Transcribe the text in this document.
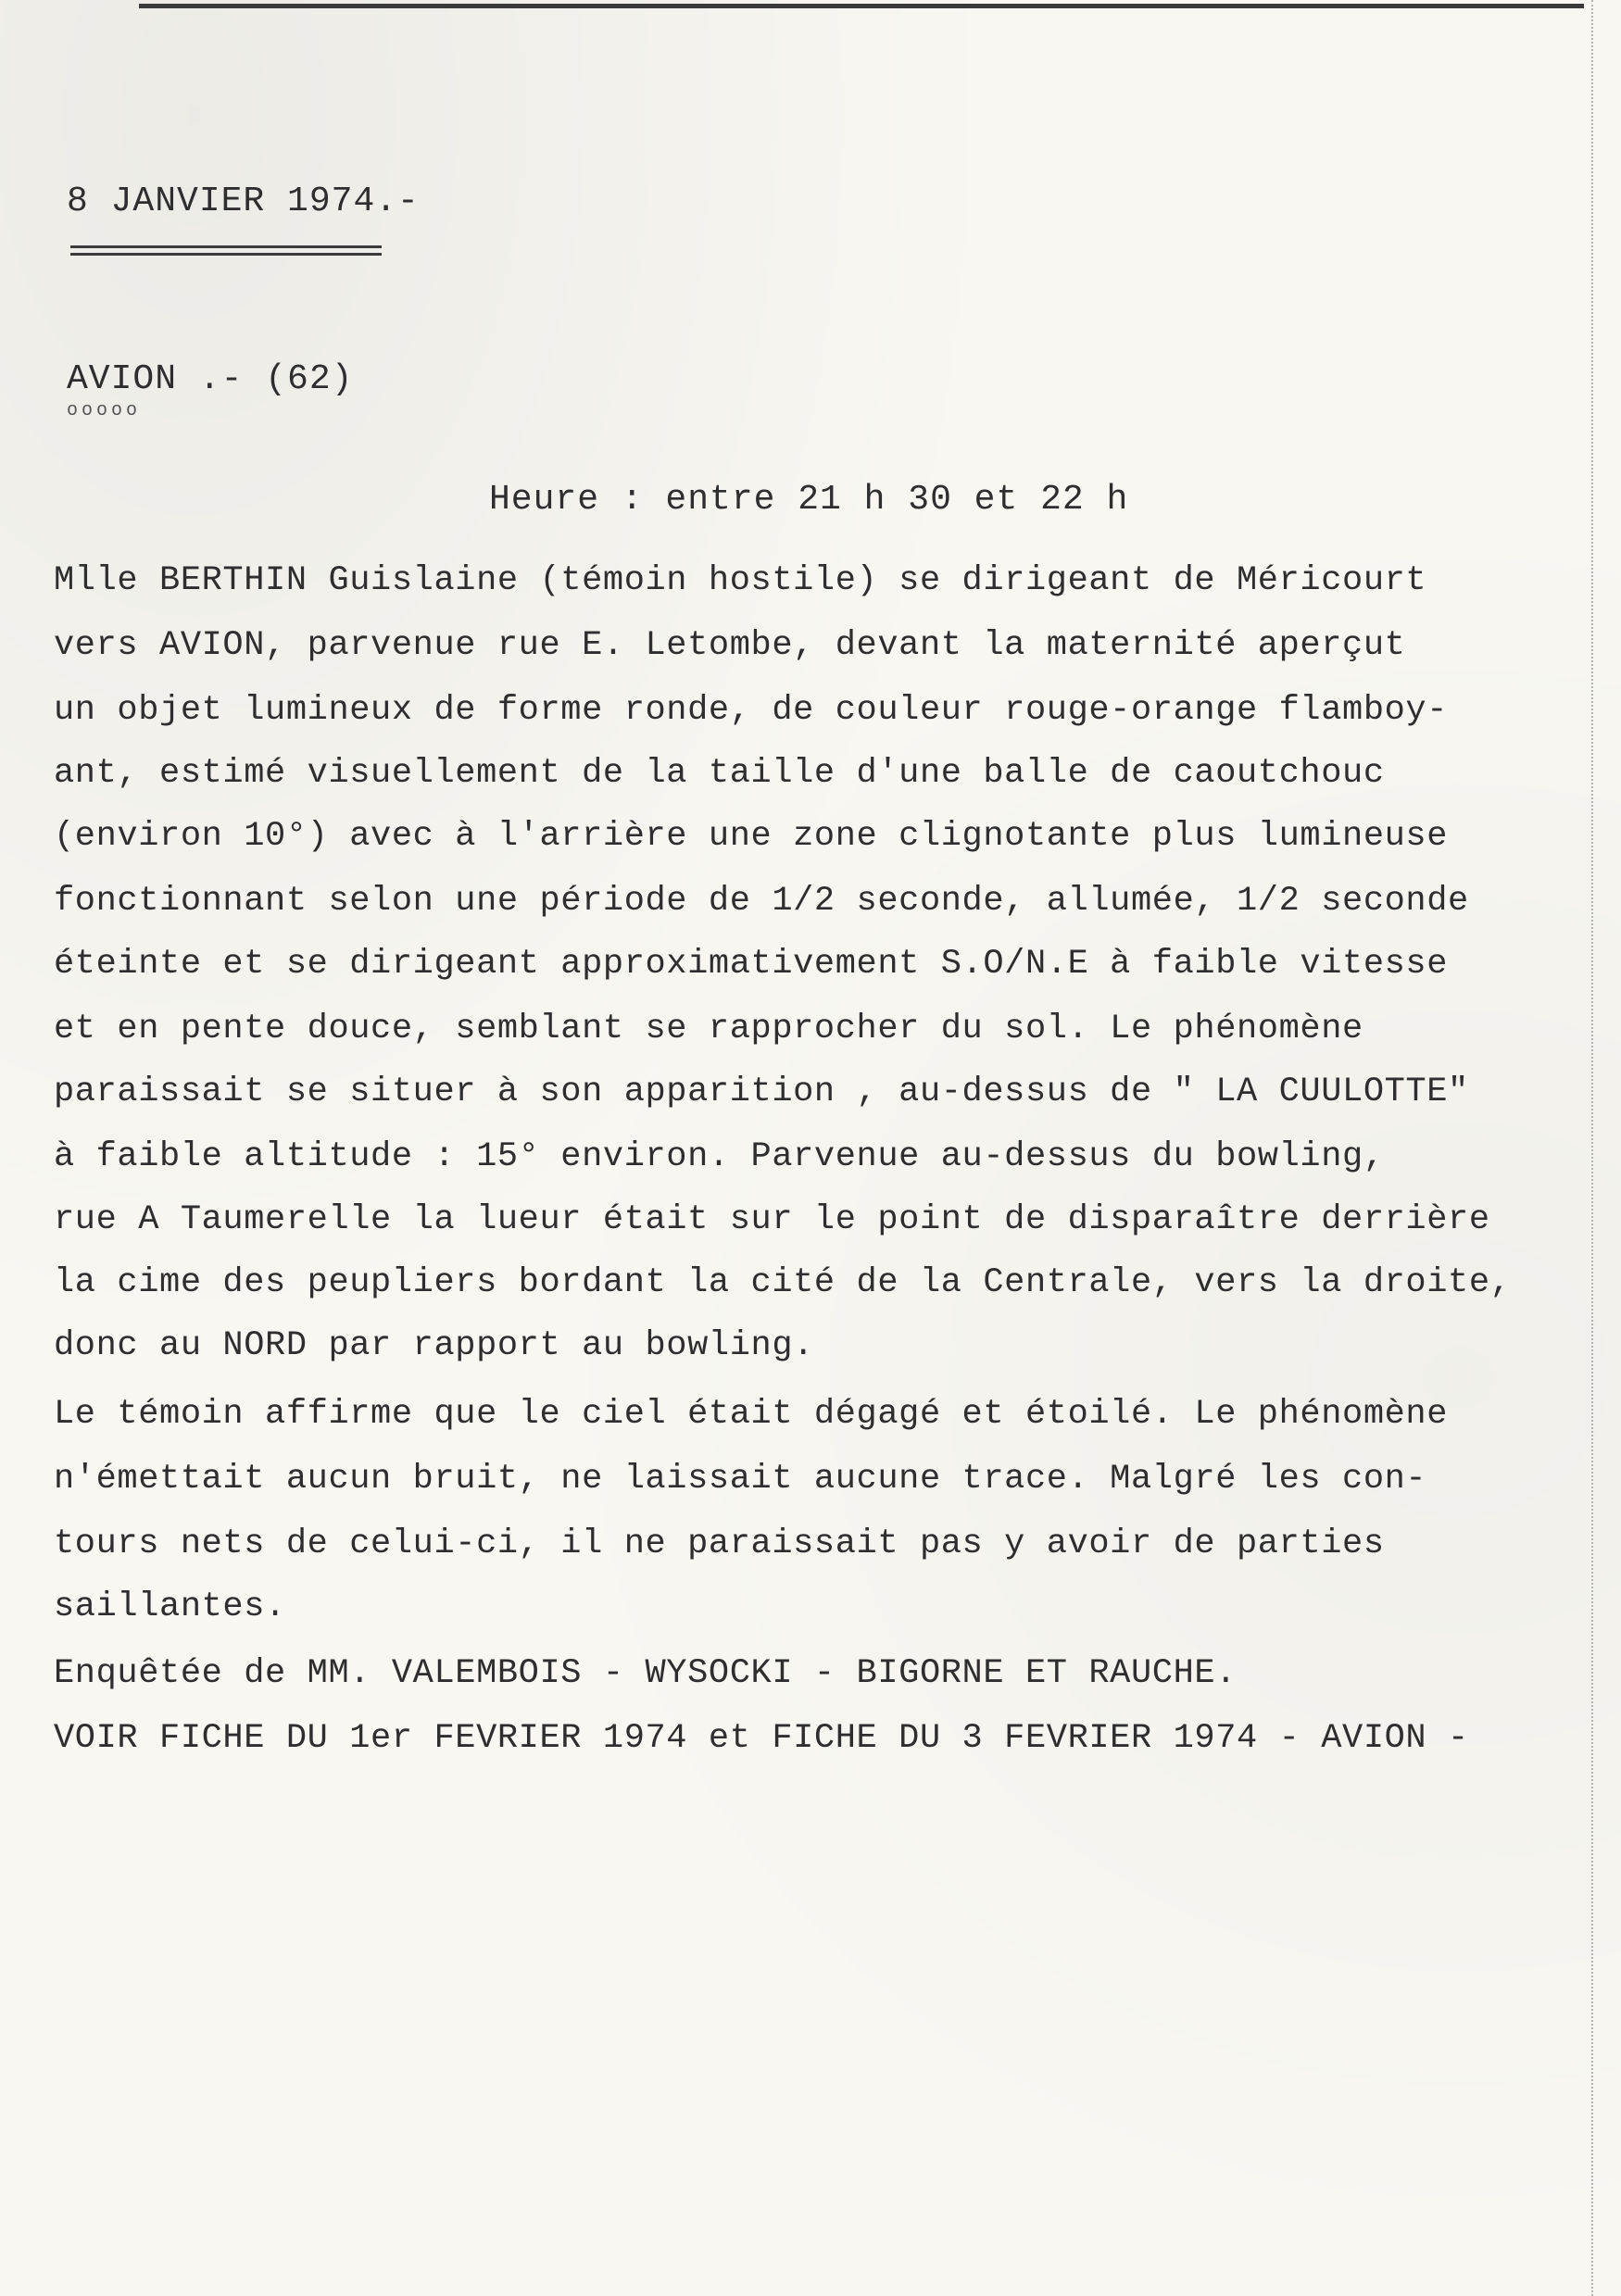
8 JANVIER 1974.-
AVION .- (62)
ooooo
Heure : entre 21 h 30 et 22 h
Mlle BERTHIN Guislaine (témoin hostile) se dirigeant de Méricourt
vers AVION, parvenue rue E. Letombe, devant la maternité aperçut
un objet lumineux de forme ronde, de couleur rouge-orange flamboy-
ant, estimé visuellement de la taille d'une balle de caoutchouc
(environ 10°) avec à l'arrière une zone clignotante plus lumineuse
fonctionnant selon une période de 1/2 seconde, allumée, 1/2 seconde
éteinte et se dirigeant approximativement S.O/N.E à faible vitesse
et en pente douce, semblant se rapprocher du sol. Le phénomène
paraissait se situer à son apparition , au-dessus de " LA CUULOTTE"
à faible altitude : 15° environ. Parvenue au-dessus du bowling,
rue A Taumerelle la lueur était sur le point de disparaître derrière
la cime des peupliers bordant la cité de la Centrale, vers la droite,
donc au NORD par rapport au bowling.
Le témoin affirme que le ciel était dégagé et étoilé. Le phénomène
n'émettait aucun bruit, ne laissait aucune trace. Malgré les con-
tours nets de celui-ci, il ne paraissait pas y avoir de parties
saillantes.
Enquêtée de MM. VALEMBOIS - WYSOCKI - BIGORNE ET RAUCHE.
VOIR FICHE DU 1er FEVRIER 1974 et FICHE DU 3 FEVRIER 1974 - AVION -
